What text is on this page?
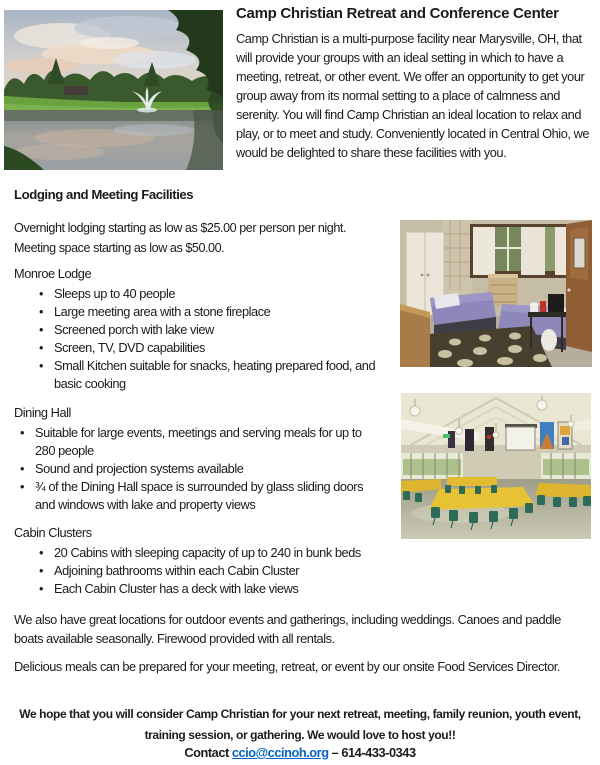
Camp Christian Retreat and Conference Center
Camp Christian is a multi-purpose facility near Marysville, OH, that will provide your groups with an ideal setting in which to have a meeting, retreat, or other event. We offer an opportunity to get your group away from its normal setting to a place of calmness and serenity. You will find Camp Christian an ideal location to relax and play, or to meet and study. Conveniently located in Central Ohio, we would be delighted to share these facilities with you.
Lodging and Meeting Facilities
Overnight lodging starting as low as $25.00 per person per night.
Meeting space starting as low as $50.00.
Monroe Lodge
• Sleeps up to 40 people
• Large meeting area with a stone fireplace
• Screened porch with lake view
• Screen, TV, DVD capabilities
• Small Kitchen suitable for snacks, heating prepared food, and basic cooking
Dining Hall
• Suitable for large events, meetings and serving meals for up to 280 people
• Sound and projection systems available
• ¾ of the Dining Hall space is surrounded by glass sliding doors and windows with lake and property views
Cabin Clusters
• 20 Cabins with sleeping capacity of up to 240 in bunk beds
• Adjoining bathrooms within each Cabin Cluster
• Each Cabin Cluster has a deck with lake views
We also have great locations for outdoor events and gatherings, including weddings. Canoes and paddle boats available seasonally. Firewood provided with all rentals.
Delicious meals can be prepared for your meeting, retreat, or event by our onsite Food Services Director.
We hope that you will consider Camp Christian for your next retreat, meeting, family reunion, youth event, training session, or gathering. We would love to host you!!
Contact ccio@ccinoh.org – 614-433-0343
